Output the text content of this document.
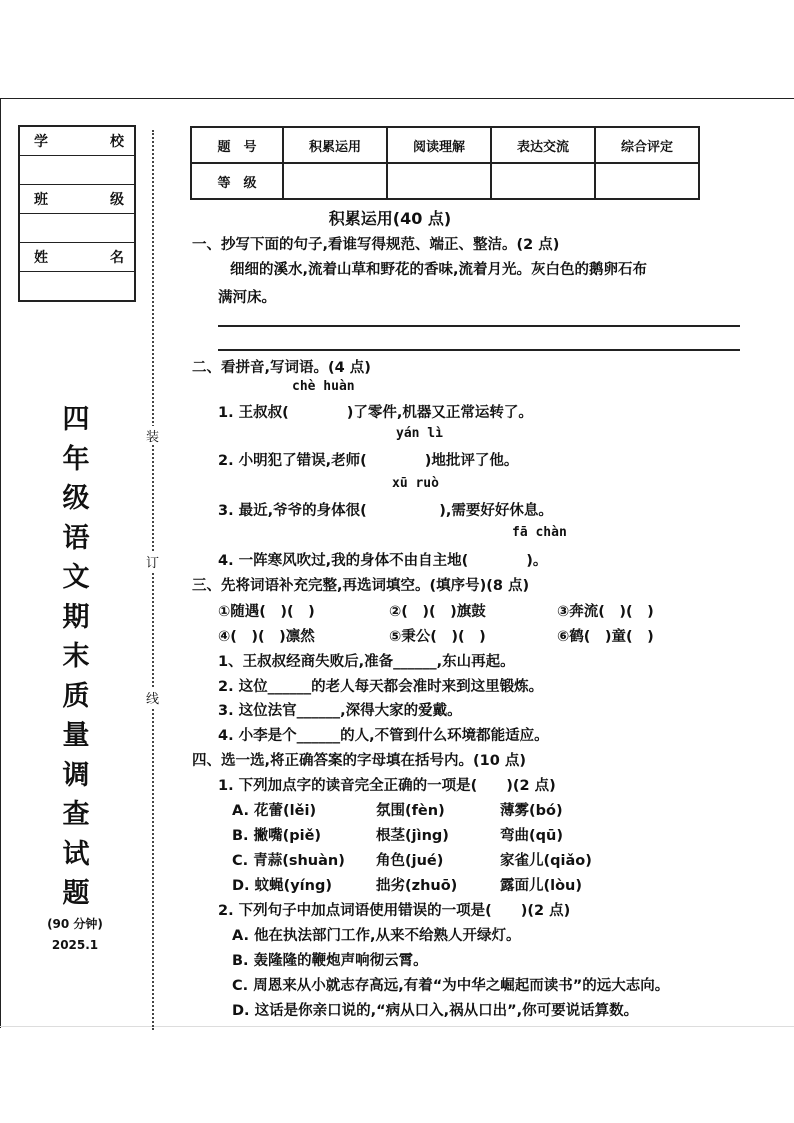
学	校
班	级
姓	名
装
订
线
四
年
级
语
文
期
末
质
量
调
查
试
题
(90 分钟)
2025.1
题　号	积累运用	阅读理解	表达交流	综合评定
等　级				
积累运用(40 点)
一、抄写下面的句子,看谁写得规范、端正、整洁。(2 点)
细细的溪水,流着山草和野花的香味,流着月光。灰白色的鹅卵石布
满河床。
二、看拼音,写词语。(4 点)
chè huàn
1. 王叔叔(　　　　)了零件,机器又正常运转了。
yán lì
2. 小明犯了错误,老师(　　　　)地批评了他。
xū ruò
3. 最近,爷爷的身体很(　　　　　),需要好好休息。
fā chàn
4. 一阵寒风吹过,我的身体不由自主地(　　　　)。
三、先将词语补充完整,再选词填空。(填序号)(8 点)
①随遇(　)(　)	②(　)(　)旗鼓	③奔流(　)(　)
④(　)(　)凛然	⑤秉公(　)(　)	⑥鹤(　)童(　)
1、王叔叔经商失败后,准备______,东山再起。
2. 这位______的老人每天都会准时来到这里锻炼。
3. 这位法官______,深得大家的爱戴。
4. 小李是个______的人,不管到什么环境都能适应。
四、选一选,将正确答案的字母填在括号内。(10 点)
1. 下列加点字的读音完全正确的一项是(　　)(2 点)
A. 花蕾(lěi)	氛围(fèn)	薄雾(bó)
B. 撇嘴(piě)	根茎(jìng)	弯曲(qū)
C. 青蒜(shuàn) 角色(jué)	家雀儿(qiǎo)
D. 蚊蝇(yíng)	拙劣(zhuō)	露面儿(lòu)
2. 下列句子中加点词语使用错误的一项是(　　)(2 点)
A. 他在执法部门工作,从来不给熟人开绿灯。
B. 轰隆隆的鞭炮声响彻云霄。
C. 周恩来从小就志存高远,有着“为中华之崛起而读书”的远大志向。
D. 这话是你亲口说的,“病从口入,祸从口出”,你可要说话算数。
